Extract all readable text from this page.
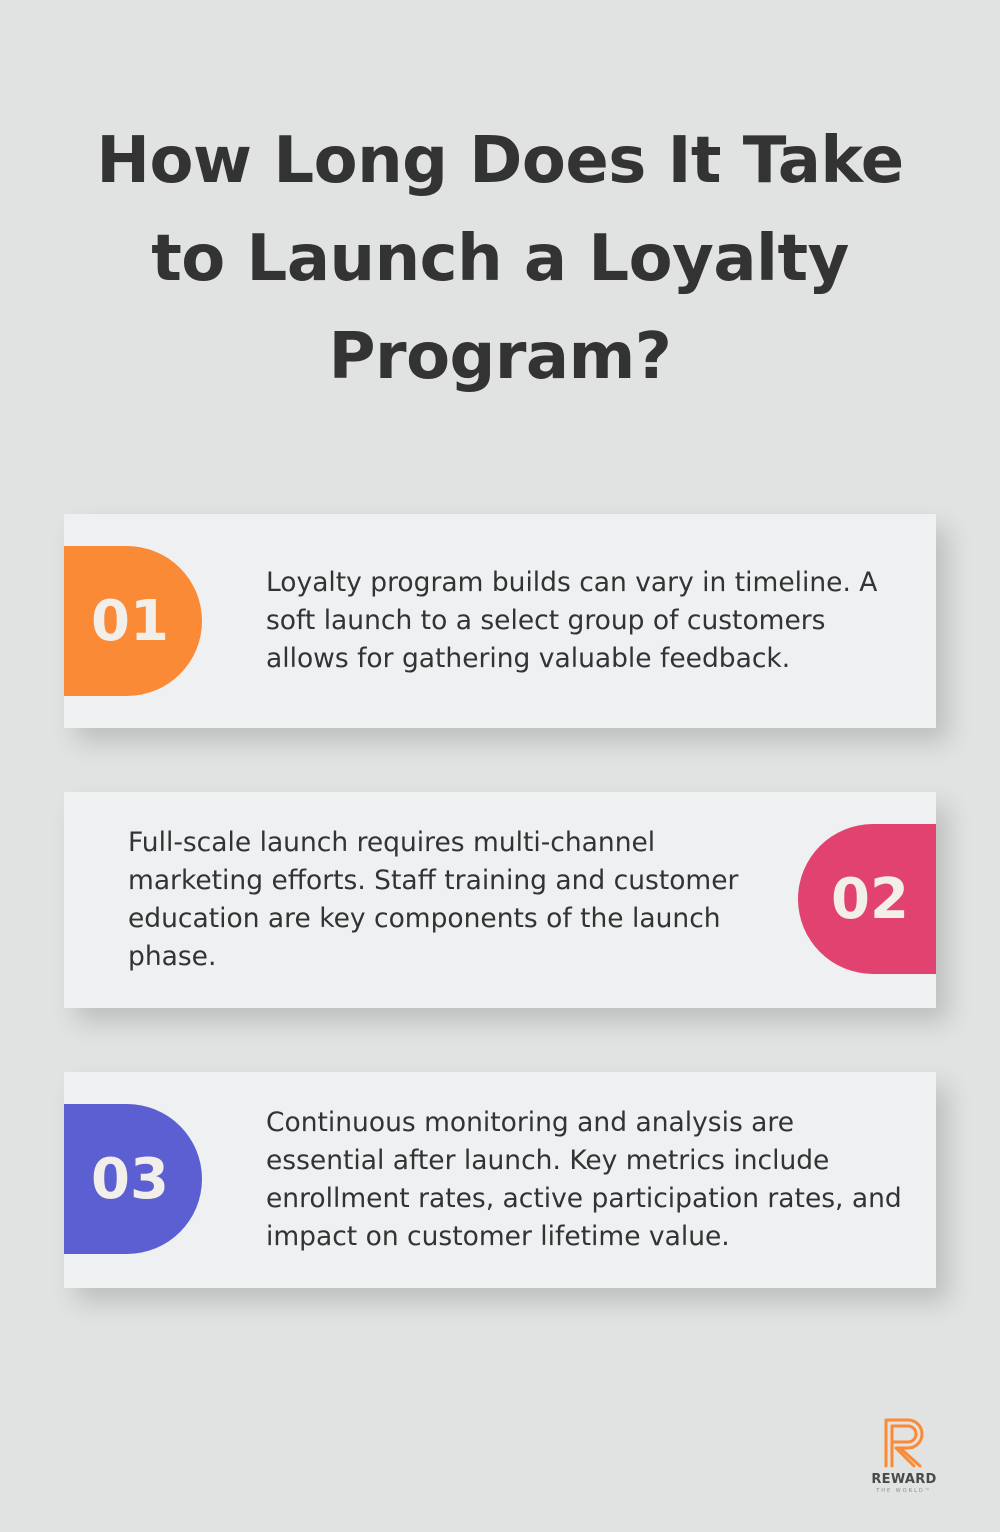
How Long Does It Take to Launch a Loyalty Program?
01

Loyalty program builds can vary in timeline. A soft launch to a select group of customers allows for gathering valuable feedback.

Full-scale launch requires multi-channel marketing efforts. Staff training and customer education are key components of the launch phase.

02
03

Continuous monitoring and analysis are essential after launch. Key metrics include enrollment rates, active participation rates, and impact on customer lifetime value.

REWARD
THE WORLD™
